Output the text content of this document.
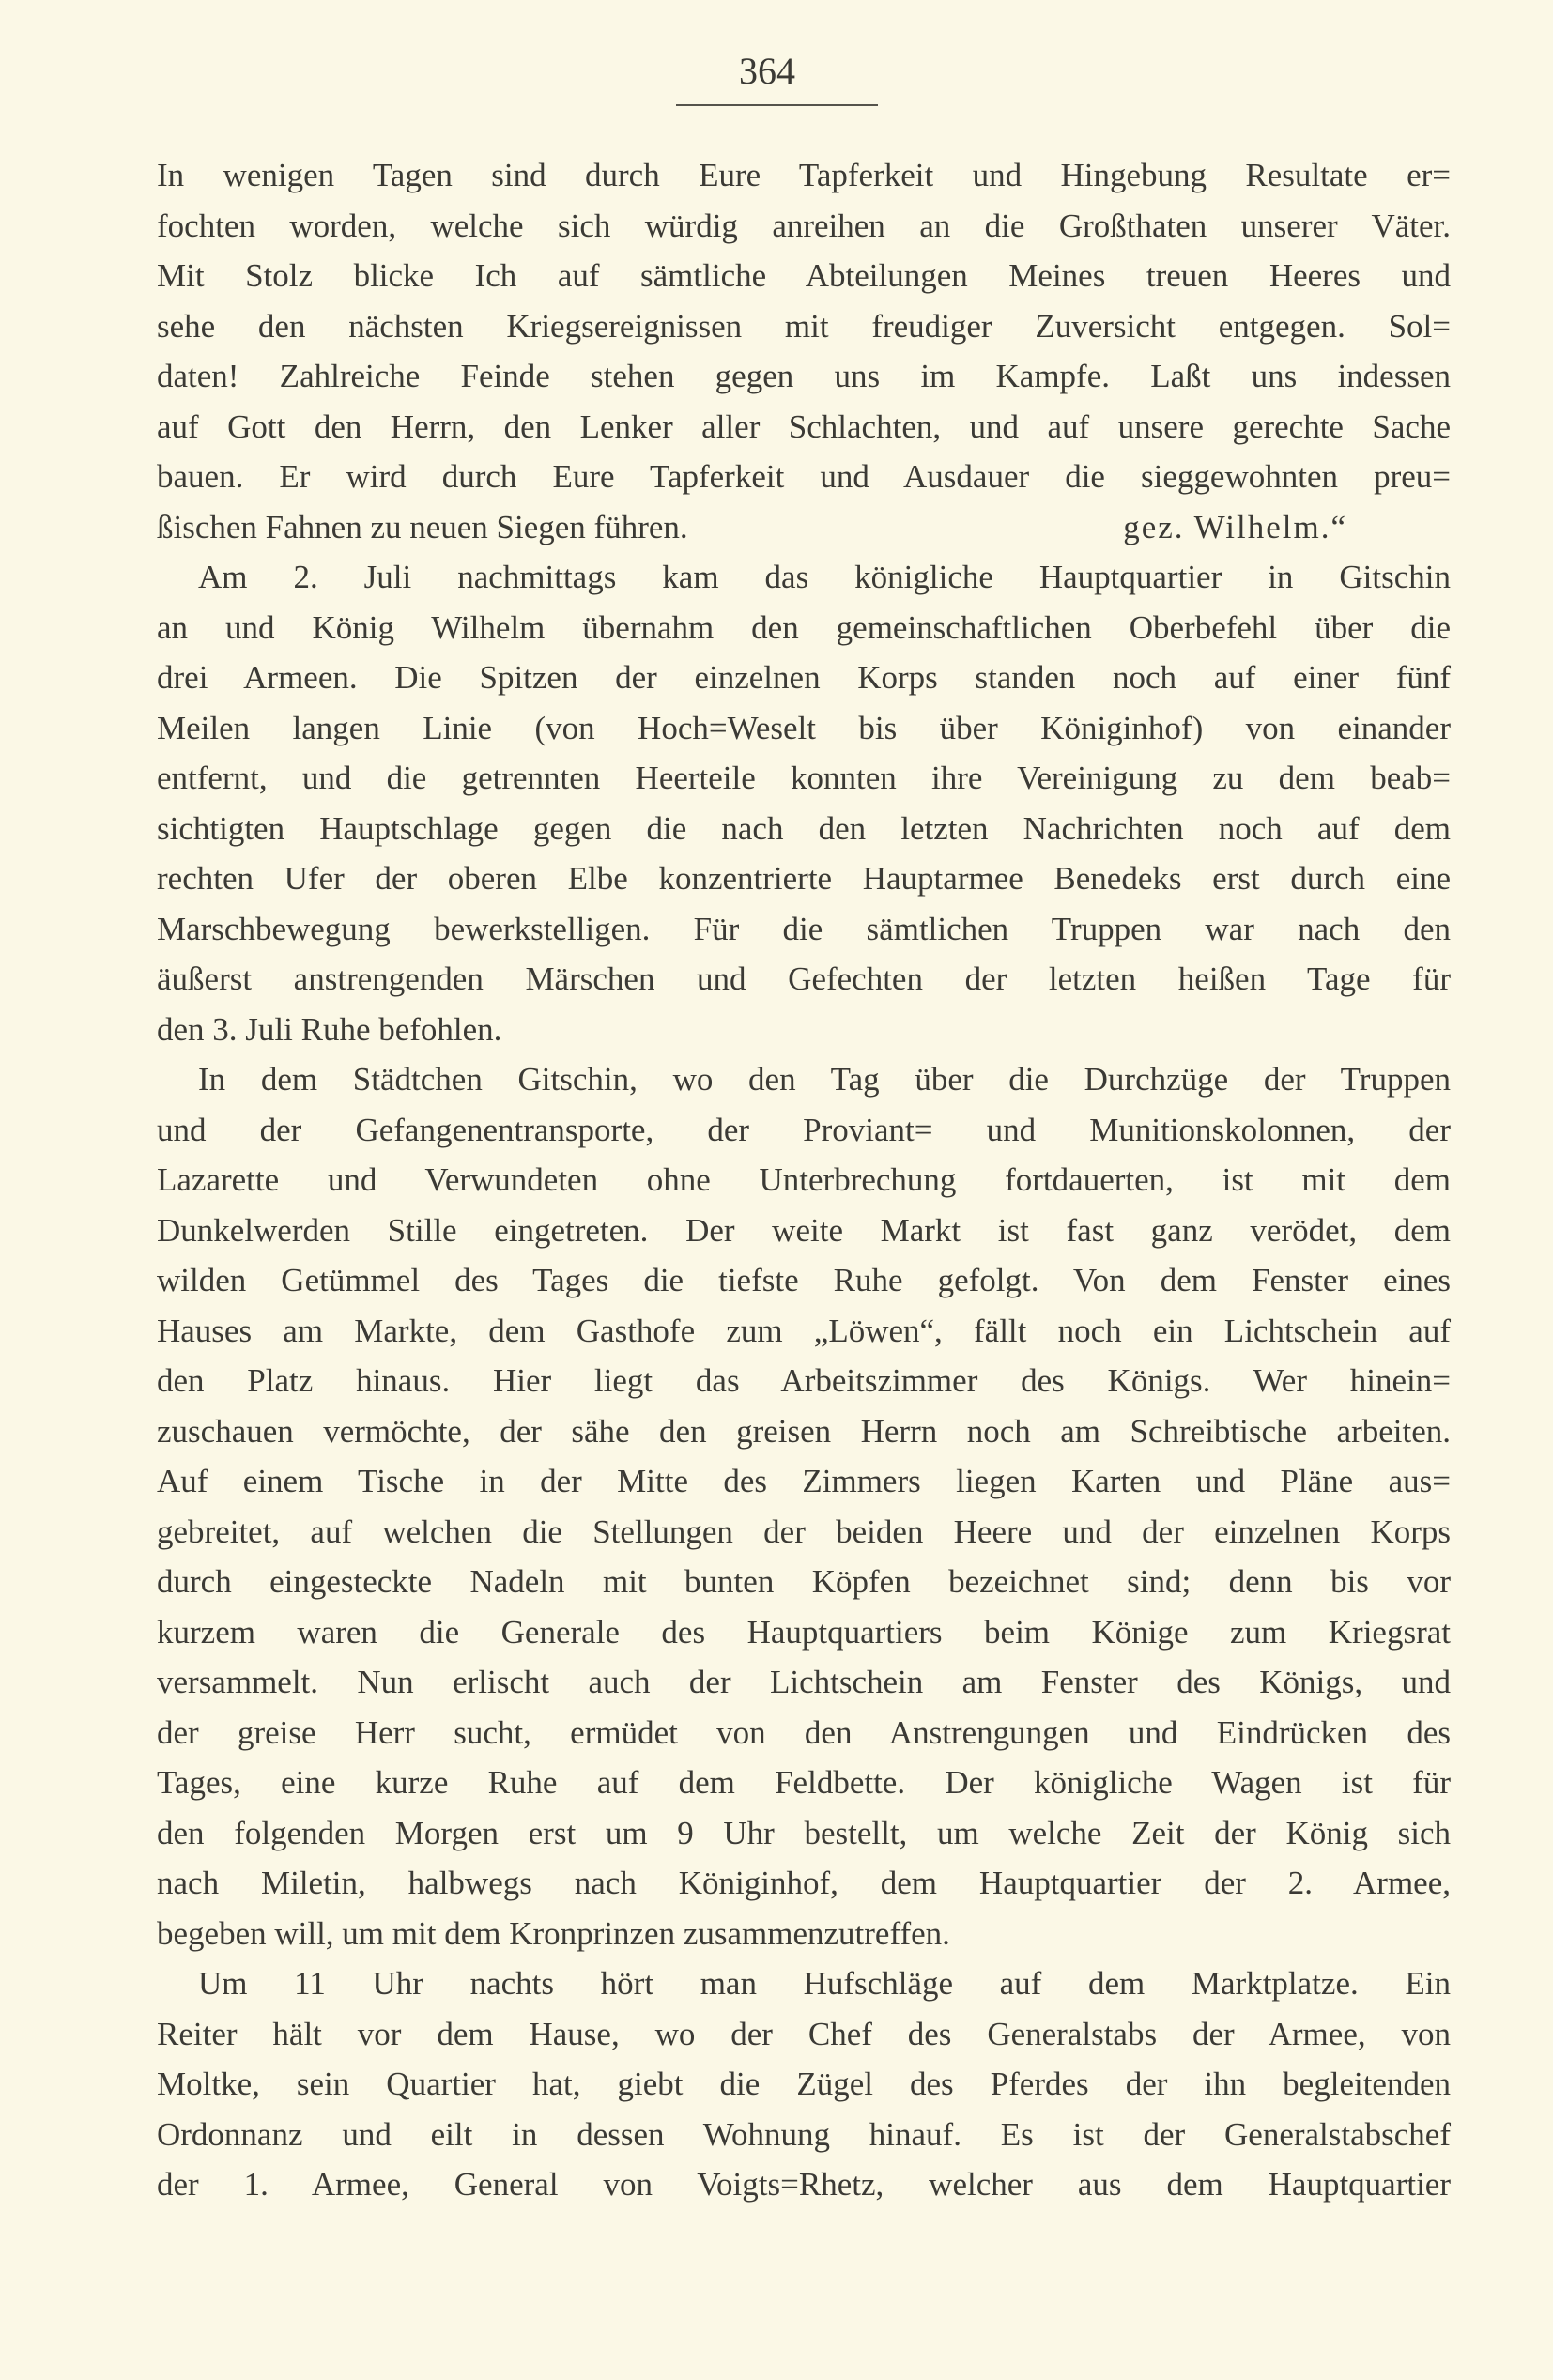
364
In wenigen Tagen sind durch Eure Tapferkeit und Hingebung Resultate er=
fochten worden, welche sich würdig anreihen an die Großthaten unserer Väter.
Mit Stolz blicke Ich auf sämtliche Abteilungen Meines treuen Heeres und
sehe den nächsten Kriegsereignissen mit freudiger Zuversicht entgegen. Sol=
daten! Zahlreiche Feinde stehen gegen uns im Kampfe. Laßt uns indessen
auf Gott den Herrn, den Lenker aller Schlachten, und auf unsere gerechte Sache
bauen. Er wird durch Eure Tapferkeit und Ausdauer die sieggewohnten preu=
ßischen Fahnen zu neuen Siegen führen.	gez. Wilhelm.“
Am 2. Juli nachmittags kam das königliche Hauptquartier in Gitschin
an und König Wilhelm übernahm den gemeinschaftlichen Oberbefehl über die
drei Armeen. Die Spitzen der einzelnen Korps standen noch auf einer fünf
Meilen langen Linie (von Hoch=Weselt bis über Königinhof) von einander
entfernt, und die getrennten Heerteile konnten ihre Vereinigung zu dem beab=
sichtigten Hauptschlage gegen die nach den letzten Nachrichten noch auf dem
rechten Ufer der oberen Elbe konzentrierte Hauptarmee Benedeks erst durch eine
Marschbewegung bewerkstelligen. Für die sämtlichen Truppen war nach den
äußerst anstrengenden Märschen und Gefechten der letzten heißen Tage für
den 3. Juli Ruhe befohlen.
In dem Städtchen Gitschin, wo den Tag über die Durchzüge der Truppen
und der Gefangenentransporte, der Proviant= und Munitionskolonnen, der
Lazarette und Verwundeten ohne Unterbrechung fortdauerten, ist mit dem
Dunkelwerden Stille eingetreten. Der weite Markt ist fast ganz verödet, dem
wilden Getümmel des Tages die tiefste Ruhe gefolgt. Von dem Fenster eines
Hauses am Markte, dem Gasthofe zum „Löwen“, fällt noch ein Lichtschein auf
den Platz hinaus. Hier liegt das Arbeitszimmer des Königs. Wer hinein=
zuschauen vermöchte, der sähe den greisen Herrn noch am Schreibtische arbeiten.
Auf einem Tische in der Mitte des Zimmers liegen Karten und Pläne aus=
gebreitet, auf welchen die Stellungen der beiden Heere und der einzelnen Korps
durch eingesteckte Nadeln mit bunten Köpfen bezeichnet sind; denn bis vor
kurzem waren die Generale des Hauptquartiers beim Könige zum Kriegsrat
versammelt. Nun erlischt auch der Lichtschein am Fenster des Königs, und
der greise Herr sucht, ermüdet von den Anstrengungen und Eindrücken des
Tages, eine kurze Ruhe auf dem Feldbette. Der königliche Wagen ist für
den folgenden Morgen erst um 9 Uhr bestellt, um welche Zeit der König sich
nach Miletin, halbwegs nach Königinhof, dem Hauptquartier der 2. Armee,
begeben will, um mit dem Kronprinzen zusammenzutreffen.
Um 11 Uhr nachts hört man Hufschläge auf dem Marktplatze. Ein
Reiter hält vor dem Hause, wo der Chef des Generalstabs der Armee, von
Moltke, sein Quartier hat, giebt die Zügel des Pferdes der ihn begleitenden
Ordonnanz und eilt in dessen Wohnung hinauf. Es ist der Generalstabschef
der 1. Armee, General von Voigts=Rhetz, welcher aus dem Hauptquartier
